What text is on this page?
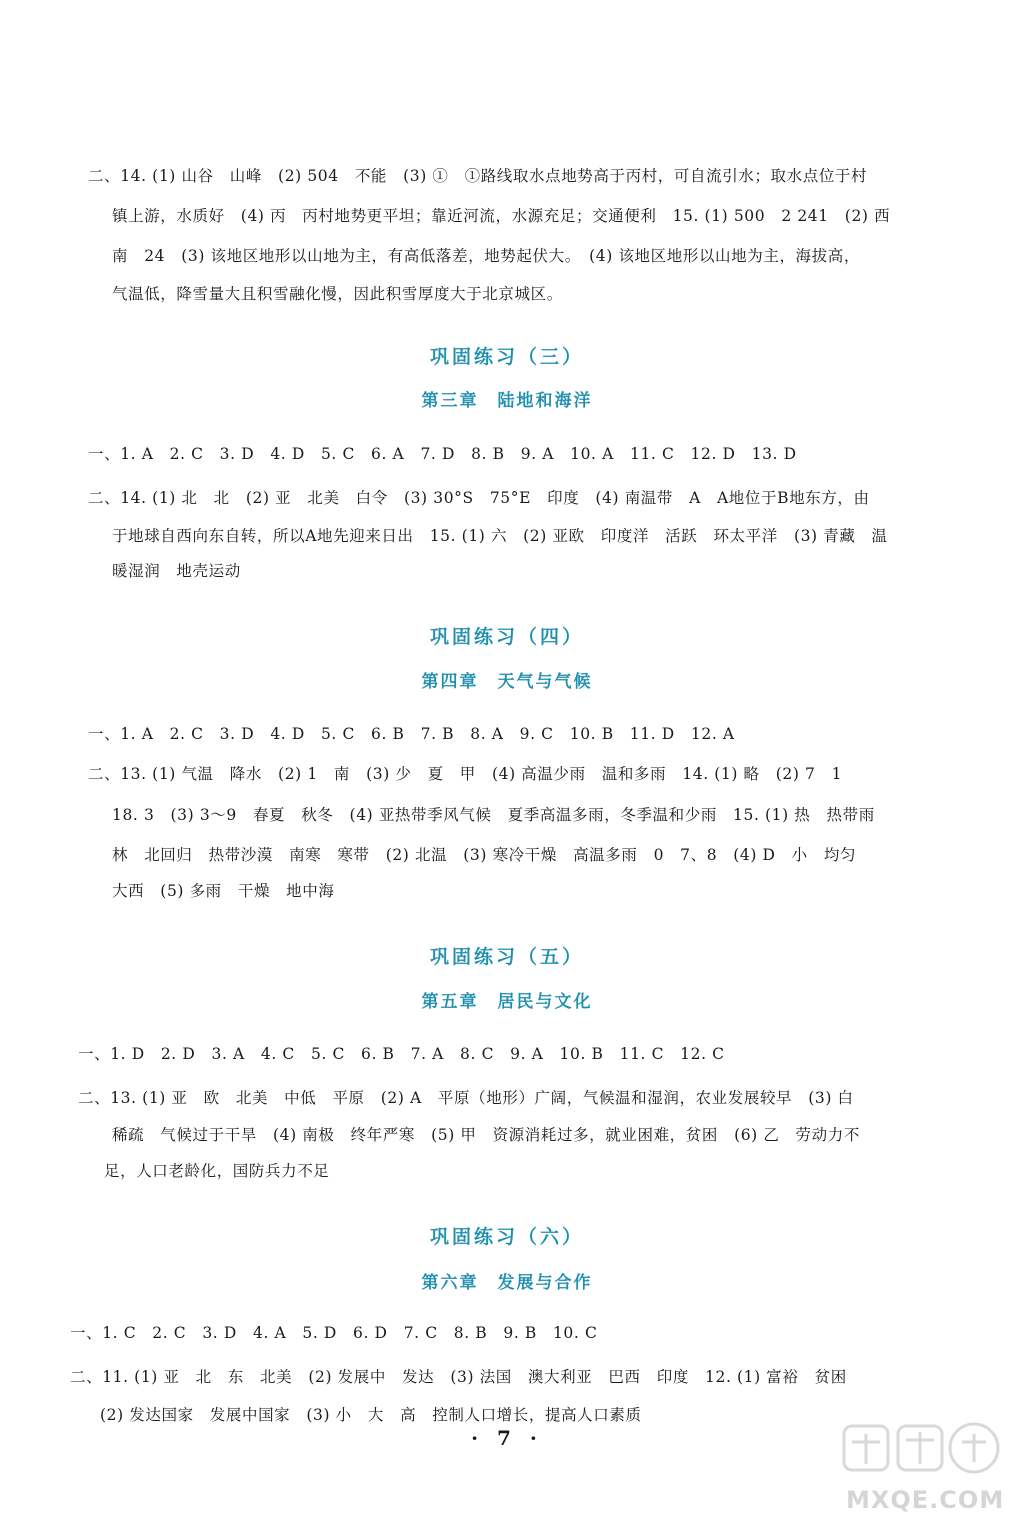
二、14. (1) 山谷　山峰　(2) 504　不能　(3) ①　①路线取水点地势高于丙村，可自流引水；取水点位于村
镇上游，水质好　(4) 丙　丙村地势更平坦；靠近河流，水源充足；交通便利　15. (1) 500　2 241　(2) 西
南　24　(3) 该地区地形以山地为主，有高低落差，地势起伏大。　(4) 该地区地形以山地为主，海拔高，
气温低，降雪量大且积雪融化慢，因此积雪厚度大于北京城区。
巩固练习（三）
第三章　陆地和海洋
一、1. A　2. C　3. D　4. D　5. C　6. A　7. D　8. B　9. A　10. A　11. C　12. D　13. D
二、14. (1) 北　北　(2) 亚　北美　白令　(3) 30°S　75°E　印度　(4) 南温带　A　A地位于B地东方，由
于地球自西向东自转，所以A地先迎来日出　15. (1) 六　(2) 亚欧　印度洋　活跃　环太平洋　(3) 青藏　温
暖湿润　地壳运动
巩固练习（四）
第四章　天气与气候
一、1. A　2. C　3. D　4. D　5. C　6. B　7. B　8. A　9. C　10. B　11. D　12. A
二、13. (1) 气温　降水　(2) 1　南　(3) 少　夏　甲　(4) 高温少雨　温和多雨　14. (1) 略　(2) 7　1
18. 3　(3) 3～9　春夏　秋冬　(4) 亚热带季风气候　夏季高温多雨，冬季温和少雨　15. (1) 热　热带雨
林　北回归　热带沙漠　南寒　寒带　(2) 北温　(3) 寒冷干燥　高温多雨　0　7、8　(4) D　小　均匀
大西　(5) 多雨　干燥　地中海
巩固练习（五）
第五章　居民与文化
一、1. D　2. D　3. A　4. C　5. C　6. B　7. A　8. C　9. A　10. B　11. C　12. C
二、13. (1) 亚　欧　北美　中低　平原　(2) A　平原（地形）广阔，气候温和湿润，农业发展较早　(3) 白
稀疏　气候过于干旱　(4) 南极　终年严寒　(5) 甲　资源消耗过多，就业困难，贫困　(6) 乙　劳动力不
足，人口老龄化，国防兵力不足
巩固练习（六）
第六章　发展与合作
一、1. C　2. C　3. D　4. A　5. D　6. D　7. C　8. B　9. B　10. C
二、11. (1) 亚　北　东　北美　(2) 发展中　发达　(3) 法国　澳大利亚　巴西　印度　12. (1) 富裕　贫困
(2) 发达国家　发展中国家　(3) 小　大　高　控制人口增长，提高人口素质
· 7 ·
MXQE.COM
